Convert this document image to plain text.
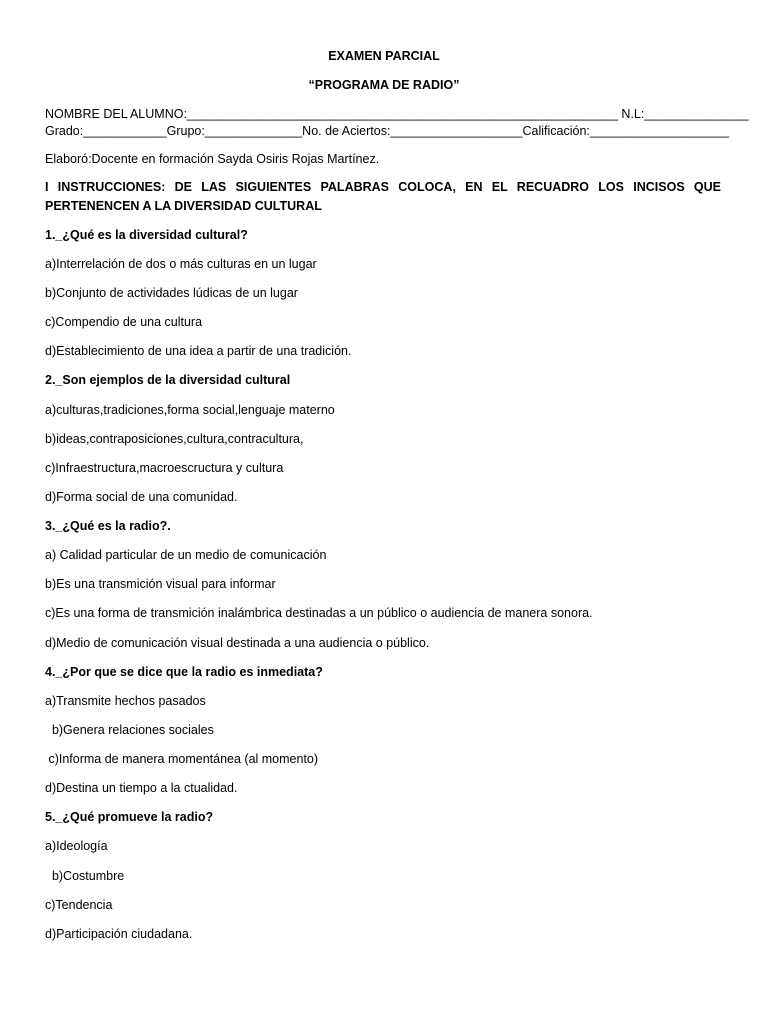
EXAMEN PARCIAL
“PROGRAMA DE RADIO”
NOMBRE DEL ALUMNO:______________________________________________________________ N.L:_______________
Grado:____________Grupo:______________No. de Aciertos:___________________Calificación:____________________
Elaboró:Docente en formación Sayda Osiris Rojas Martínez.
I INSTRUCCIONES: DE LAS SIGUIENTES PALABRAS COLOCA, EN EL RECUADRO LOS INCISOS QUE PERTENENCEN A LA DIVERSIDAD CULTURAL
1._¿Qué es la diversidad cultural?
a)Interrelación de dos o más culturas en un lugar
b)Conjunto de actividades lúdicas de un lugar
c)Compendio de una cultura
d)Establecimiento de una idea a partir de una tradición.
2._Son ejemplos de la diversidad cultural
a)culturas,tradiciones,forma social,lenguaje materno
b)ideas,contraposiciones,cultura,contracultura,
c)Infraestructura,macroescructura y cultura
d)Forma social de una comunidad.
3._¿Qué es la radio?.
a) Calidad particular de un medio de comunicación
b)Es una transmición visual para informar
c)Es una forma de transmición inalámbrica destinadas a un público o audiencia de manera sonora.
d)Medio de comunicación visual destinada a una audiencia o público.
4._¿Por que se dice que la radio es inmediata?
a)Transmite hechos pasados
b)Genera relaciones sociales
c)Informa de manera momentánea (al momento)
d)Destina un tiempo a la ctualidad.
5._¿Qué promueve la radio?
a)Ideología
b)Costumbre
c)Tendencia
d)Participación ciudadana.
